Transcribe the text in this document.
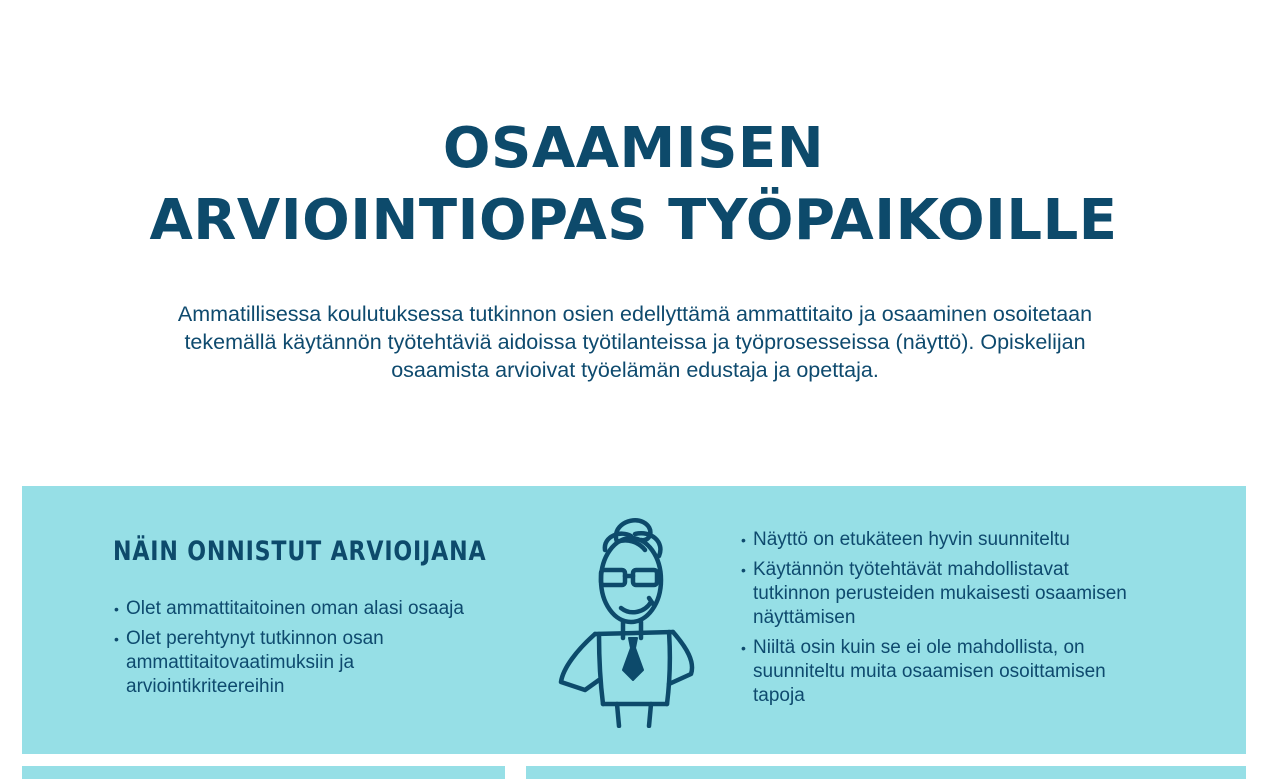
OSAAMISEN
ARVIOINTIOPAS TYÖPAIKOILLE

Ammatillisessa koulutuksessa tutkinnon osien edellyttämä ammattitaito ja osaaminen osoitetaan tekemällä käytännön työtehtäviä aidoissa työtilanteissa ja työprosesseissa (näyttö). Opiskelijan osaamista arvioivat työelämän edustaja ja opettaja.

NÄIN ONNISTUT ARVIOIJANA
• Olet ammattitaitoinen oman alasi osaaja
• Olet perehtynyt tutkinnon osan ammattitaitovaatimuksiin ja arviointikriteereihin
• Näyttö on etukäteen hyvin suunniteltu
• Käytännön työtehtävät mahdollistavat tutkinnon perusteiden mukaisesti osaamisen näyttämisen
• Niiltä osin kuin se ei ole mahdollista, on suunniteltu muita osaamisen osoittamisen tapoja
